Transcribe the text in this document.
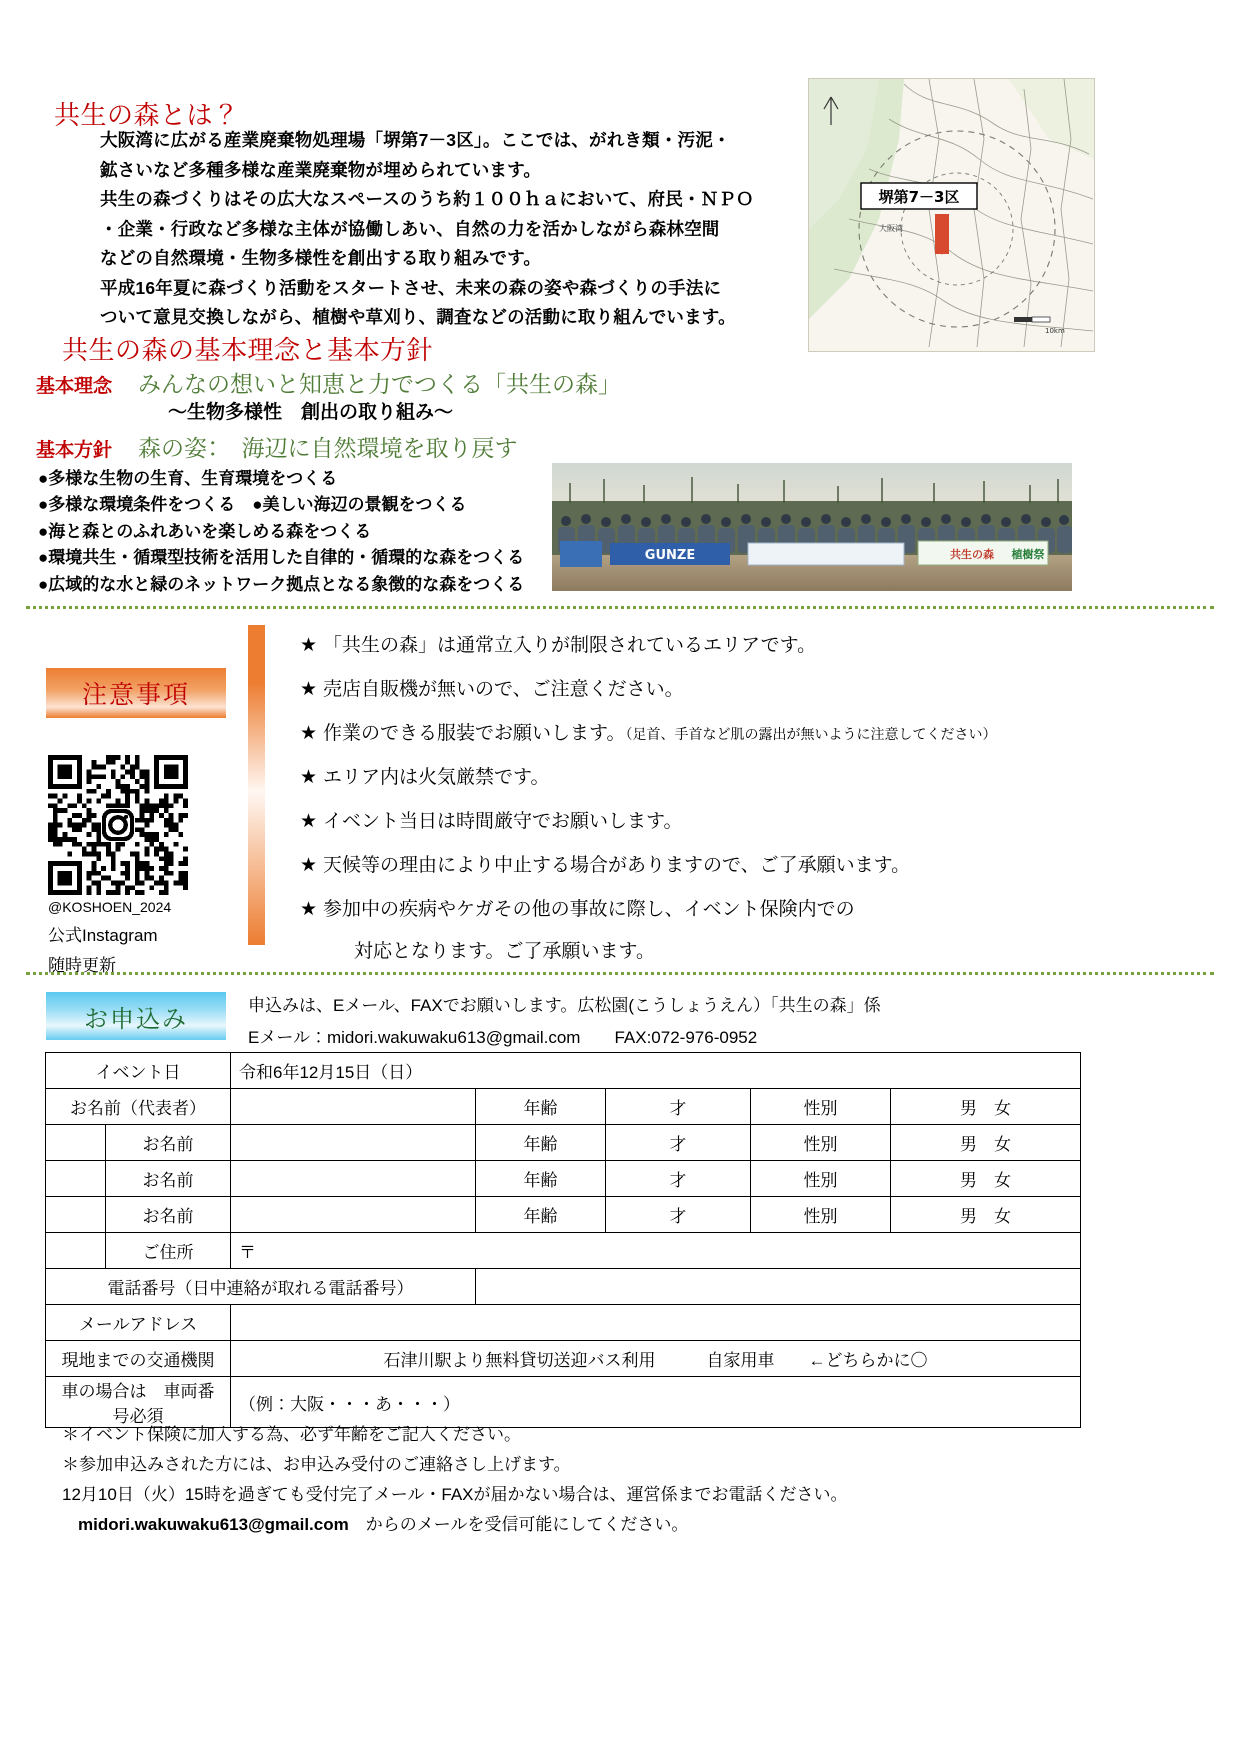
共生の森とは？
大阪湾に広がる産業廃棄物処理場「堺第7－3区」。ここでは、がれき類・汚泥・
鉱さいなど多種多様な産業廃棄物が埋められています。
共生の森づくりはその広大なスペースのうち約１００ｈａにおいて、府民・ＮＰＯ
・企業・行政など多様な主体が協働しあい、自然の力を活かしながら森林空間
などの自然環境・生物多様性を創出する取り組みです。
平成16年夏に森づくり活動をスタートさせ、未来の森の姿や森づくりの手法に
ついて意見交換しながら、植樹や草刈り、調査などの活動に取り組んでいます。
堺第7－3区
大阪湾
10km
共生の森の基本理念と基本方針
基本理念 みんなの想いと知恵と力でつくる「共生の森」
〜生物多様性　創出の取り組み〜
基本方針 森の姿：　海辺に自然環境を取り戻す
●多様な生物の生育、生育環境をつくる
●多様な環境条件をつくる　●美しい海辺の景観をつくる
●海と森とのふれあいを楽しめる森をつくる
●環境共生・循環型技術を活用した自律的・循環的な森をつくる
●広域的な水と緑のネットワーク拠点となる象徴的な森をつくる
GUNZE	共生の森 植樹祭
注意事項
★ 「共生の森」は通常立入りが制限されているエリアです。
★ 売店自販機が無いので、ご注意ください。
★ 作業のできる服装でお願いします。（足首、手首など肌の露出が無いように注意してください）
★ エリア内は火気厳禁です。
★ イベント当日は時間厳守でお願いします。
★ 天候等の理由により中止する場合がありますので、ご了承願います。
★ 参加中の疾病やケガその他の事故に際し、イベント保険内での
対応となります。ご了承願います。
@KOSHOEN_2024
公式Instagram
随時更新
お申込み	申込みは、Eメール、FAXでお願いします。広松園(こうしょうえん）「共生の森」係
Eメール：midori.wakuwaku613@gmail.com　　FAX:072-976-0952
イベント日		令和6年12月15日（日）				
お名前（代表者）			年齢	才	性別	男　女
	お名前		年齢	才	性別	男　女
	お名前		年齢	才	性別	男　女
	お名前		年齢	才	性別	男　女
	ご住所	〒				
電話番号（日中連絡が取れる電話番号）						
メールアドレス						
現地までの交通機関		石津川駅より無料貸切送迎バス利用　　　自家用車　　←どちらかに〇				
車の場合は　車両番号必須		（例：大阪・・・あ・・・）				
＊イベント保険に加入する為、必ず年齢をご記入ください。
＊参加申込みされた方には、お申込み受付のご連絡さし上げます。
12月10日（火）15時を過ぎても受付完了メール・FAXが届かない場合は、運営係までお電話ください。
midori.wakuwaku613@gmail.com　からのメールを受信可能にしてください。
